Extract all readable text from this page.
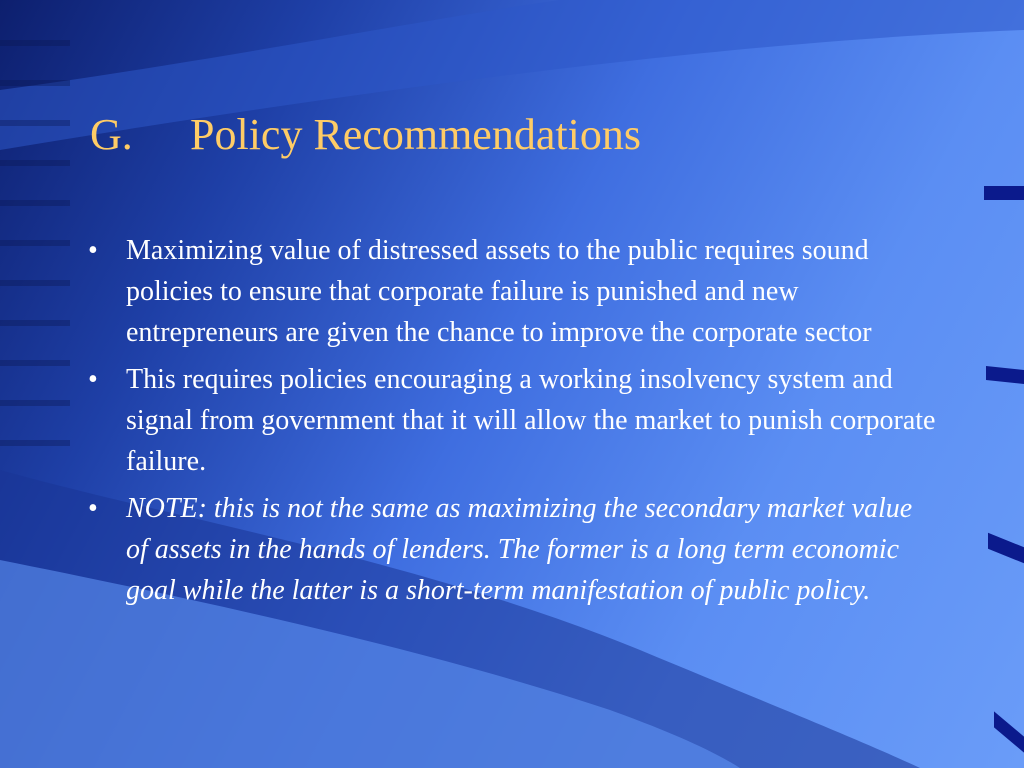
G. Policy Recommendations
• Maximizing value of distressed assets to the public requires sound policies to ensure that corporate failure is punished and new entrepreneurs are given the chance to improve the corporate sector
• This requires policies encouraging a working insolvency system and signal from government that it will allow the market to punish corporate failure.
• NOTE: this is not the same as maximizing the secondary market value of assets in the hands of lenders. The former is a long term economic goal while the latter is a short-term manifestation of public policy.
